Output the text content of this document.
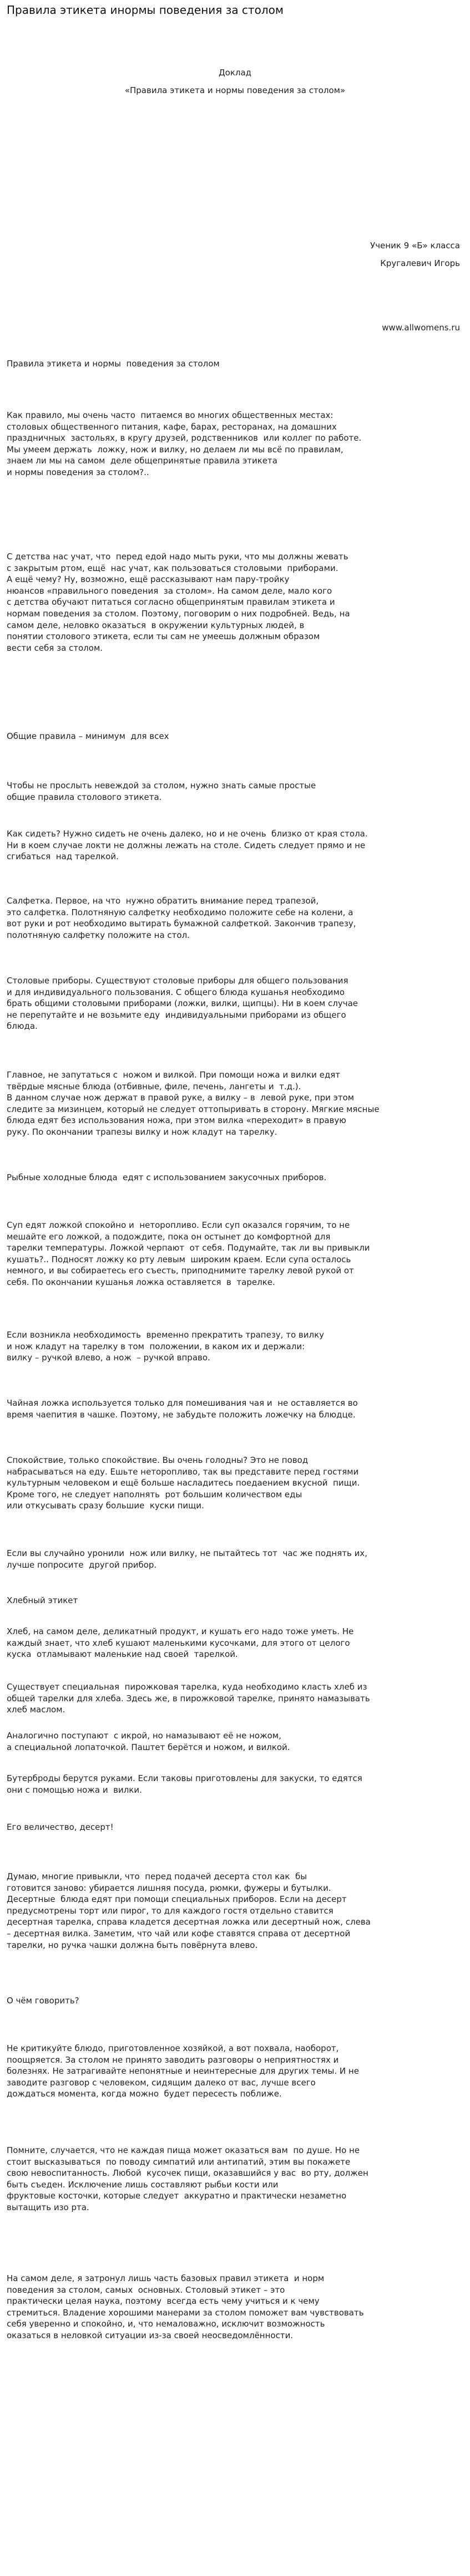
Правила этикета инормы поведения за столом
Доклад
«Правила этикета и нормы поведения за столом»
Ученик 9 «Б» класса
Кругалевич Игорь
www.allwomens.ru
Правила этикета и нормы  поведения за столом
Как правило, мы очень часто  питаемся во многих общественных местах:
столовых общественного питания, кафе, барах, ресторанах, на домашних
праздничных  застольях, в кругу друзей, родственников  или коллег по работе.
Мы умеем держать  ложку, нож и вилку, но делаем ли мы всё по правилам,
знаем ли мы на самом  деле общепринятые правила этикета
и нормы поведения за столом?..
С детства нас учат, что  перед едой надо мыть руки, что мы должны жевать
с закрытым ртом, ещё  нас учат, как пользоваться столовыми  приборами.
А ещё чему? Ну, возможно, ещё рассказывают нам пару-тройку
нюансов «правильного поведения  за столом». На самом деле, мало кого
с детства обучают питаться согласно общепринятым правилам этикета и
нормам поведения за столом. Поэтому, поговорим о них подробней. Ведь, на
самом деле, неловко оказаться  в окружении культурных людей, в
понятии столового этикета, если ты сам не умеешь должным образом
вести себя за столом.
Общие правила – минимум  для всех
Чтобы не прослыть невеждой за столом, нужно знать самые простые
общие правила столового этикета.
Как сидеть? Нужно сидеть не очень далеко, но и не очень  близко от края стола.
Ни в коем случае локти не должны лежать на столе. Сидеть следует прямо и не
сгибаться  над тарелкой.
Салфетка. Первое, на что  нужно обратить внимание перед трапезой,
это салфетка. Полотняную салфетку необходимо положите себе на колени, а
вот руки и рот необходимо вытирать бумажной салфеткой. Закончив трапезу,
полотняную салфетку положите на стол.
Столовые приборы. Существуют столовые приборы для общего пользования
и для индивидуального пользования. С общего блюда кушанья необходимо
брать общими столовыми приборами (ложки, вилки, щипцы). Ни в коем случае
не перепутайте и не возьмите еду  индивидуальными приборами из общего
блюда.
Главное, не запутаться с  ножом и вилкой. При помощи ножа и вилки едят
твёрдые мясные блюда (отбивные, филе, печень, лангеты и  т.д.).
В данном случае нож держат в правой руке, а вилку – в  левой руке, при этом
следите за мизинцем, который не следует оттопыривать в сторону. Мягкие мясные
блюда едят без использования ножа, при этом вилка «переходит» в правую
руку. По окончании трапезы вилку и нож кладут на тарелку.
Рыбные холодные блюда  едят с использованием закусочных приборов.
Суп едят ложкой спокойно и  неторопливо. Если суп оказался горячим, то не
мешайте его ложкой, а подождите, пока он остынет до комфортной для
тарелки температуры. Ложкой черпают  от себя. Подумайте, так ли вы привыкли
кушать?.. Подносят ложку ко рту левым  широким краем. Если супа осталось
немного, и вы собираетесь его съесть, приподнимите тарелку левой рукой от
себя. По окончании кушанья ложка оставляется  в  тарелке.
Если возникла необходимость  временно прекратить трапезу, то вилку
и нож кладут на тарелку в том  положении, в каком их и держали:
вилку – ручкой влево, а нож  – ручкой вправо.
Чайная ложка используется только для помешивания чая и  не оставляется во
время чаепития в чашке. Поэтому, не забудьте положить ложечку на блюдце.
Спокойствие, только спокойствие. Вы очень голодны? Это не повод
набрасываться на еду. Ешьте неторопливо, так вы представите перед гостями
культурным человеком и ещё больше насладитесь поедаением вкусной  пищи.
Кроме того, не следует наполнять  рот большим количеством еды
или откусывать сразу большие  куски пищи.
Если вы случайно уронили  нож или вилку, не пытайтесь тот  час же поднять их,
лучше попросите  другой прибор.
Хлебный этикет
Хлеб, на самом деле, деликатный продукт, и кушать его надо тоже уметь. Не
каждый знает, что хлеб кушают маленькими кусочками, для этого от целого
куска  отламывают маленькие над своей  тарелкой.
Существует специальная  пирожковая тарелка, куда необходимо класть хлеб из
общей тарелки для хлеба. Здесь же, в пирожковой тарелке, принято намазывать
хлеб маслом.
Аналогично поступают  с икрой, но намазывают её не ножом,
а специальной лопаточкой. Паштет берётся и ножом, и вилкой.
Бутерброды берутся руками. Если таковы приготовлены для закуски, то едятся
они с помощью ножа и  вилки.
Его величество, десерт!
Думаю, многие привыкли, что  перед подачей десерта стол как  бы
готовится заново: убирается лишняя посуда, рюмки, фужеры и бутылки.
Десертные  блюда едят при помощи специальных приборов. Если на десерт
предусмотрены торт или пирог, то для каждого гостя отдельно ставится
десертная тарелка, справа кладется десертная ложка или десертный нож, слева
– десертная вилка. Заметим, что чай или кофе ставятся справа от десертной
тарелки, но ручка чашки должна быть повёрнута влево.
О чём говорить?
Не критикуйте блюдо, приготовленное хозяйкой, а вот похвала, наоборот,
поощряется. За столом не принято заводить разговоры о неприятностях и
болезнях. Не затрагивайте непонятные и неинтересные для других темы. И не
заводите разговор с человеком, сидящим далеко от вас, лучше всего
дождаться момента, когда можно  будет пересесть поближе.
Помните, случается, что не каждая пища может оказаться вам  по душе. Но не
стоит высказываться  по поводу симпатий или антипатий, этим вы покажете
свою невоспитанность. Любой  кусочек пищи, оказавшийся у вас  во рту, должен
быть съеден. Исключение лишь составляют рыбьи кости или
фруктовые косточки, которые следует  аккуратно и практически незаметно
вытащить изо рта.
На самом деле, я затронул лишь часть базовых правил этикета  и норм
поведения за столом, самых  основных. Столовый этикет – это
практически целая наука, поэтому  всегда есть чему учиться и к чему
стремиться. Владение хорошими манерами за столом поможет вам чувствовать
себя уверенно и спокойно, и, что немаловажно, исключит возможность
оказаться в неловкой ситуации из-за своей неосведомлённости.
